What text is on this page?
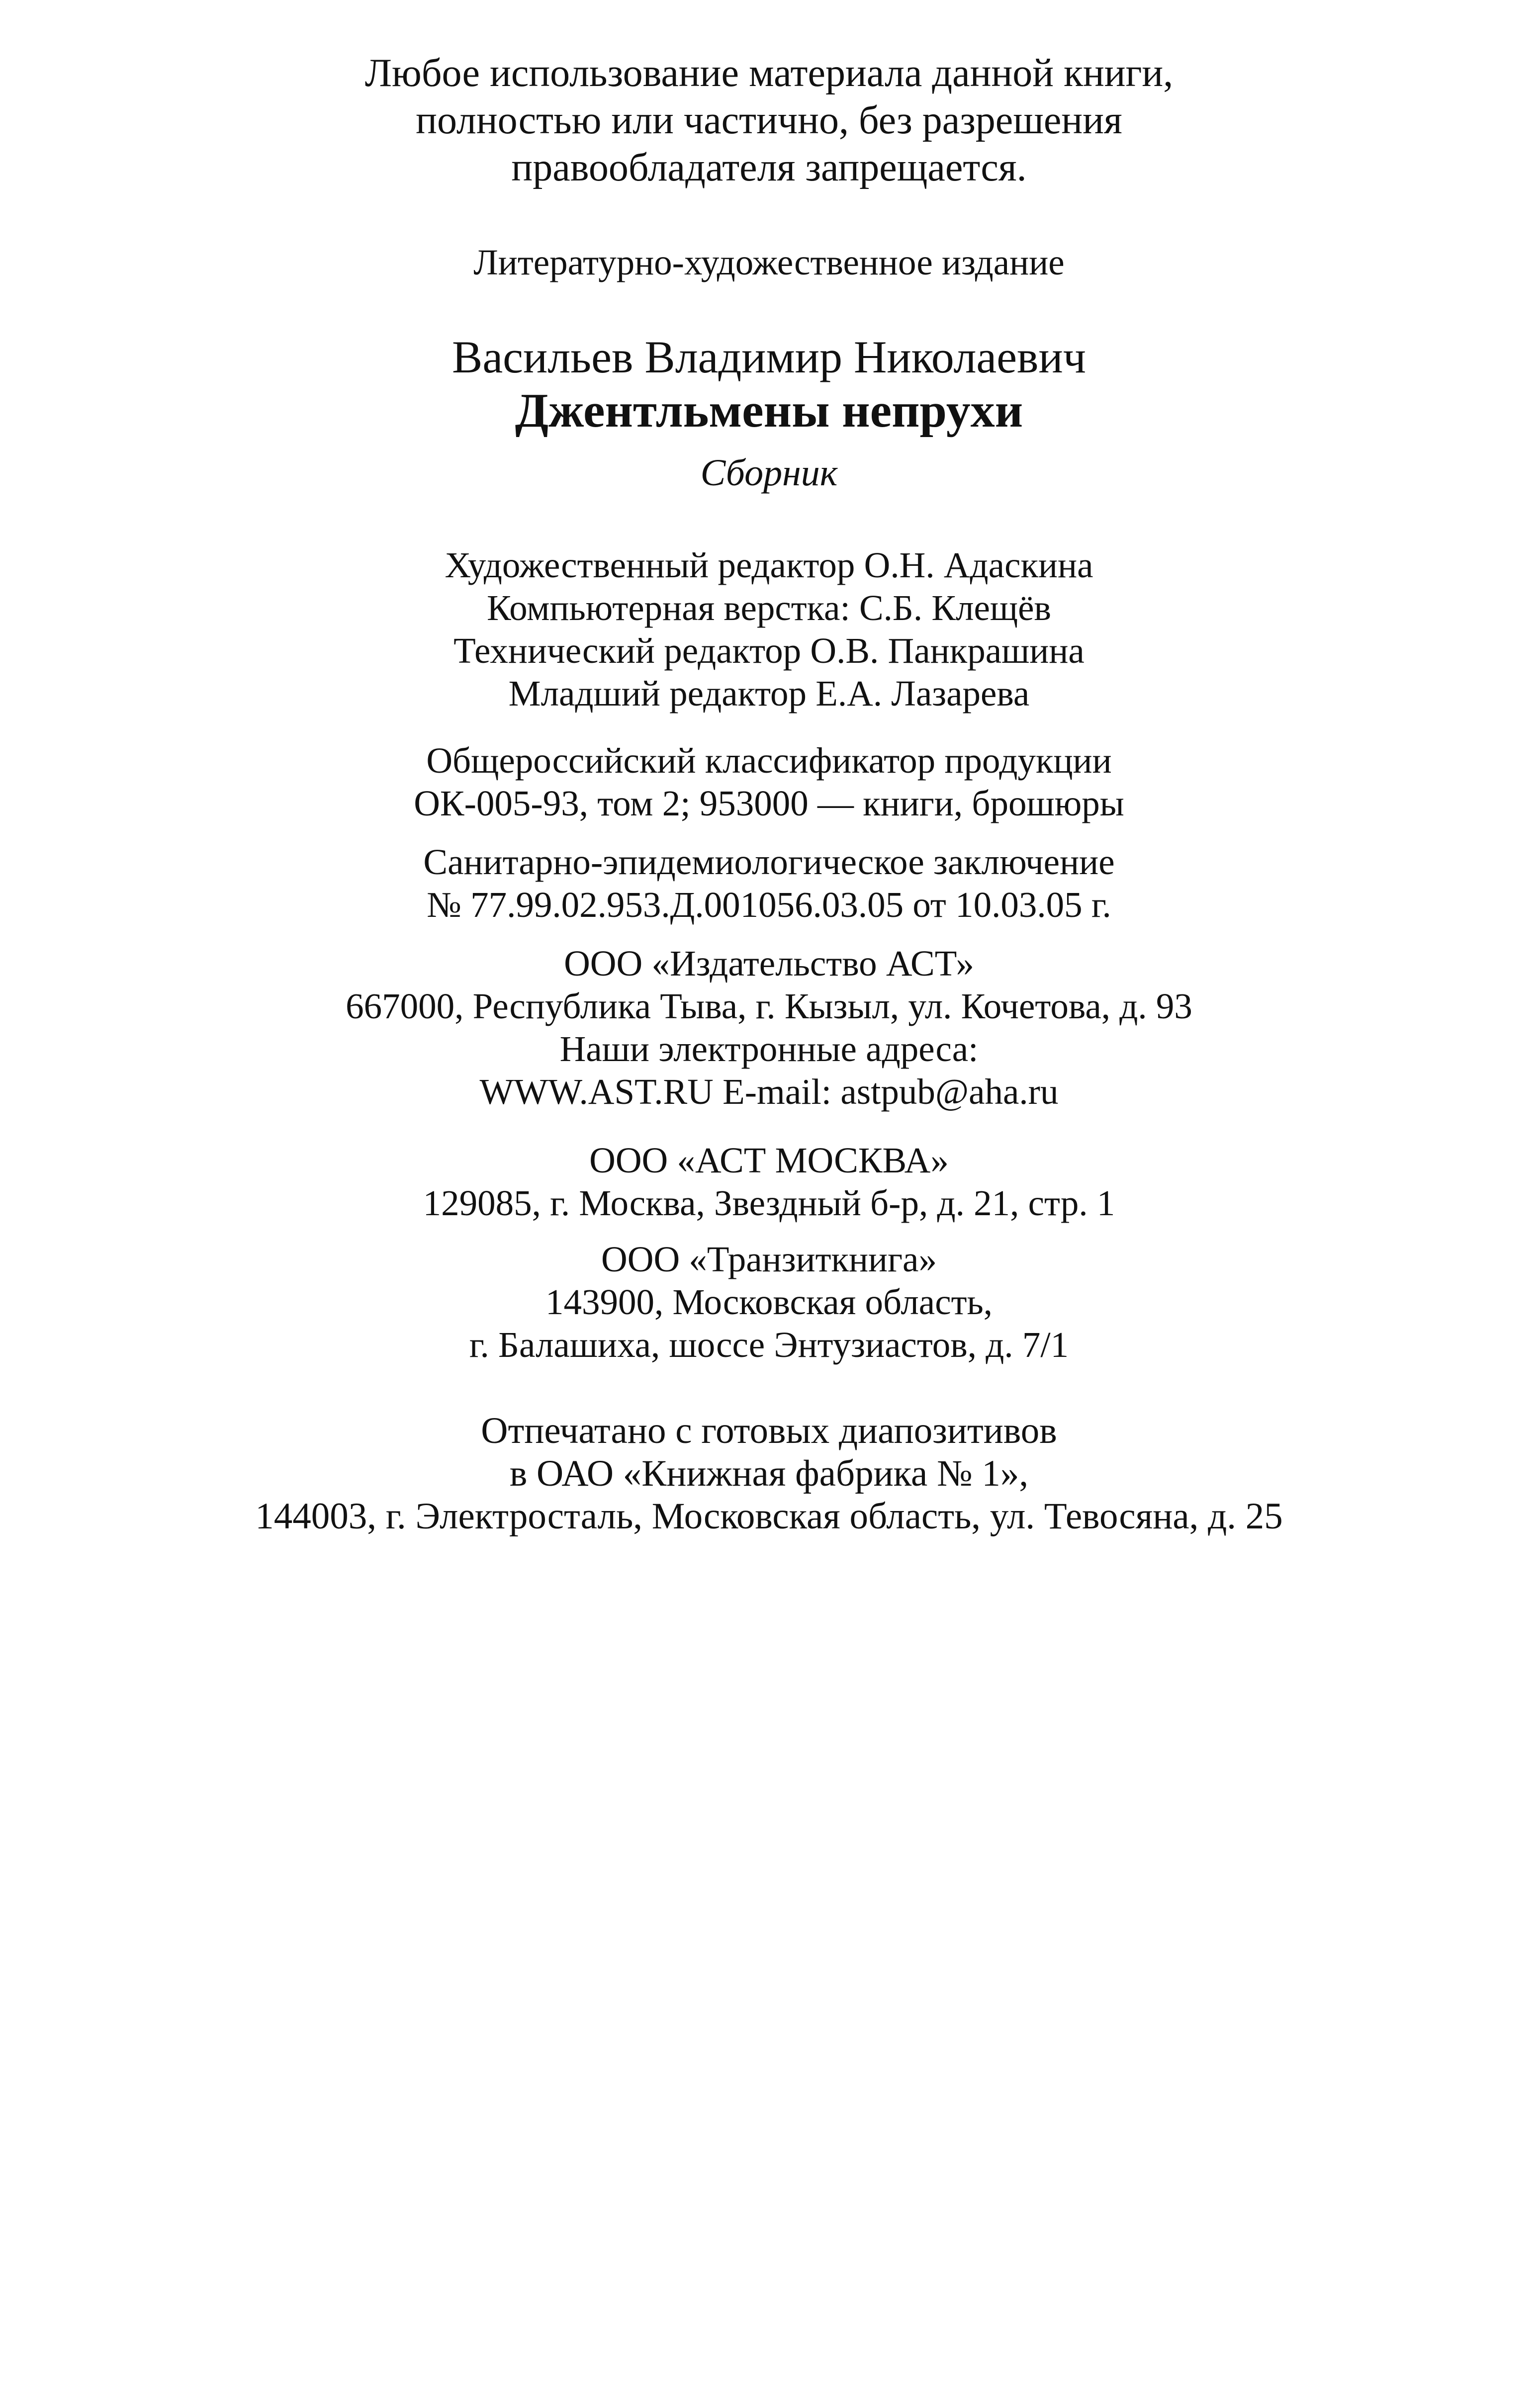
Любое использование материала данной книги,
полностью или частично, без разрешения
правообладателя запрещается.
Литературно-художественное издание
Васильев Владимир Николаевич
Джентльмены непрухи
Сборник
Художественный редактор О.Н. Адаскина
Компьютерная верстка: С.Б. Клещёв
Технический редактор О.В. Панкрашина
Младший редактор Е.А. Лазарева
Общероссийский классификатор продукции
ОК-005-93, том 2; 953000 — книги, брошюры
Санитарно-эпидемиологическое заключение
№ 77.99.02.953.Д.001056.03.05 от 10.03.05 г.
ООО «Издательство АСТ»
667000, Республика Тыва, г. Кызыл, ул. Кочетова, д. 93
Наши электронные адреса:
WWW.AST.RU E-mail: astpub@aha.ru
ООО «АСТ МОСКВА»
129085, г. Москва, Звездный б-р, д. 21, стр. 1
ООО «Транзиткнига»
143900, Московская область,
г. Балашиха, шоссе Энтузиастов, д. 7/1
Отпечатано с готовых диапозитивов
в ОАО «Книжная фабрика № 1»,
144003, г. Электросталь, Московская область, ул. Тевосяна, д. 25
